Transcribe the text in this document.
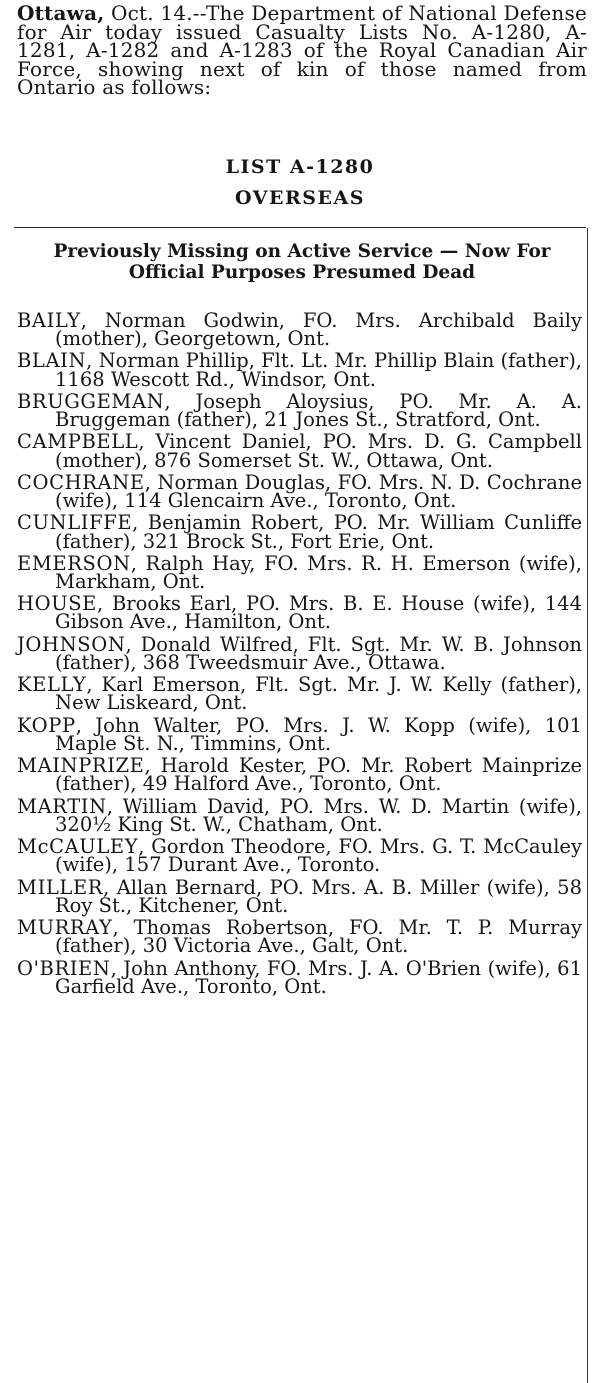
Ottawa, Oct. 14.--The Department of National Defense for Air today issued Casualty Lists No. A-1280, A-1281, A-1282 and A-1283 of the Royal Canadian Air Force, showing next of kin of those named from Ontario as follows:
LIST A-1280
OVERSEAS
Previously Missing on Active Service — Now For Official Purposes Presumed Dead
BAILY, Norman Godwin, FO. Mrs. Archibald Baily (mother), Georgetown, Ont.
BLAIN, Norman Phillip, Flt. Lt. Mr. Phillip Blain (father), 1168 Wescott Rd., Windsor, Ont.
BRUGGEMAN, Joseph Aloysius, PO. Mr. A. A. Bruggeman (father), 21 Jones St., Stratford, Ont.
CAMPBELL, Vincent Daniel, PO. Mrs. D. G. Campbell (mother), 876 Somerset St. W., Ottawa, Ont.
COCHRANE, Norman Douglas, FO. Mrs. N. D. Cochrane (wife), 114 Glencairn Ave., Toronto, Ont.
CUNLIFFE, Benjamin Robert, PO. Mr. William Cunliffe (father), 321 Brock St., Fort Erie, Ont.
EMERSON, Ralph Hay, FO. Mrs. R. H. Emerson (wife), Markham, Ont.
HOUSE, Brooks Earl, PO. Mrs. B. E. House (wife), 144 Gibson Ave., Hamilton, Ont.
JOHNSON, Donald Wilfred, Flt. Sgt. Mr. W. B. Johnson (father), 368 Tweedsmuir Ave., Ottawa.
KELLY, Karl Emerson, Flt. Sgt. Mr. J. W. Kelly (father), New Liskeard, Ont.
KOPP, John Walter, PO. Mrs. J. W. Kopp (wife), 101 Maple St. N., Timmins, Ont.
MAINPRIZE, Harold Kester, PO. Mr. Robert Mainprize (father), 49 Halford Ave., Toronto, Ont.
MARTIN, William David, PO. Mrs. W. D. Martin (wife), 320½ King St. W., Chatham, Ont.
McCAULEY, Gordon Theodore, FO. Mrs. G. T. McCauley (wife), 157 Durant Ave., Toronto.
MILLER, Allan Bernard, PO. Mrs. A. B. Miller (wife), 58 Roy St., Kitchener, Ont.
MURRAY, Thomas Robertson, FO. Mr. T. P. Murray (father), 30 Victoria Ave., Galt, Ont.
O'BRIEN, John Anthony, FO. Mrs. J. A. O'Brien (wife), 61 Garfield Ave., Toronto, Ont.
